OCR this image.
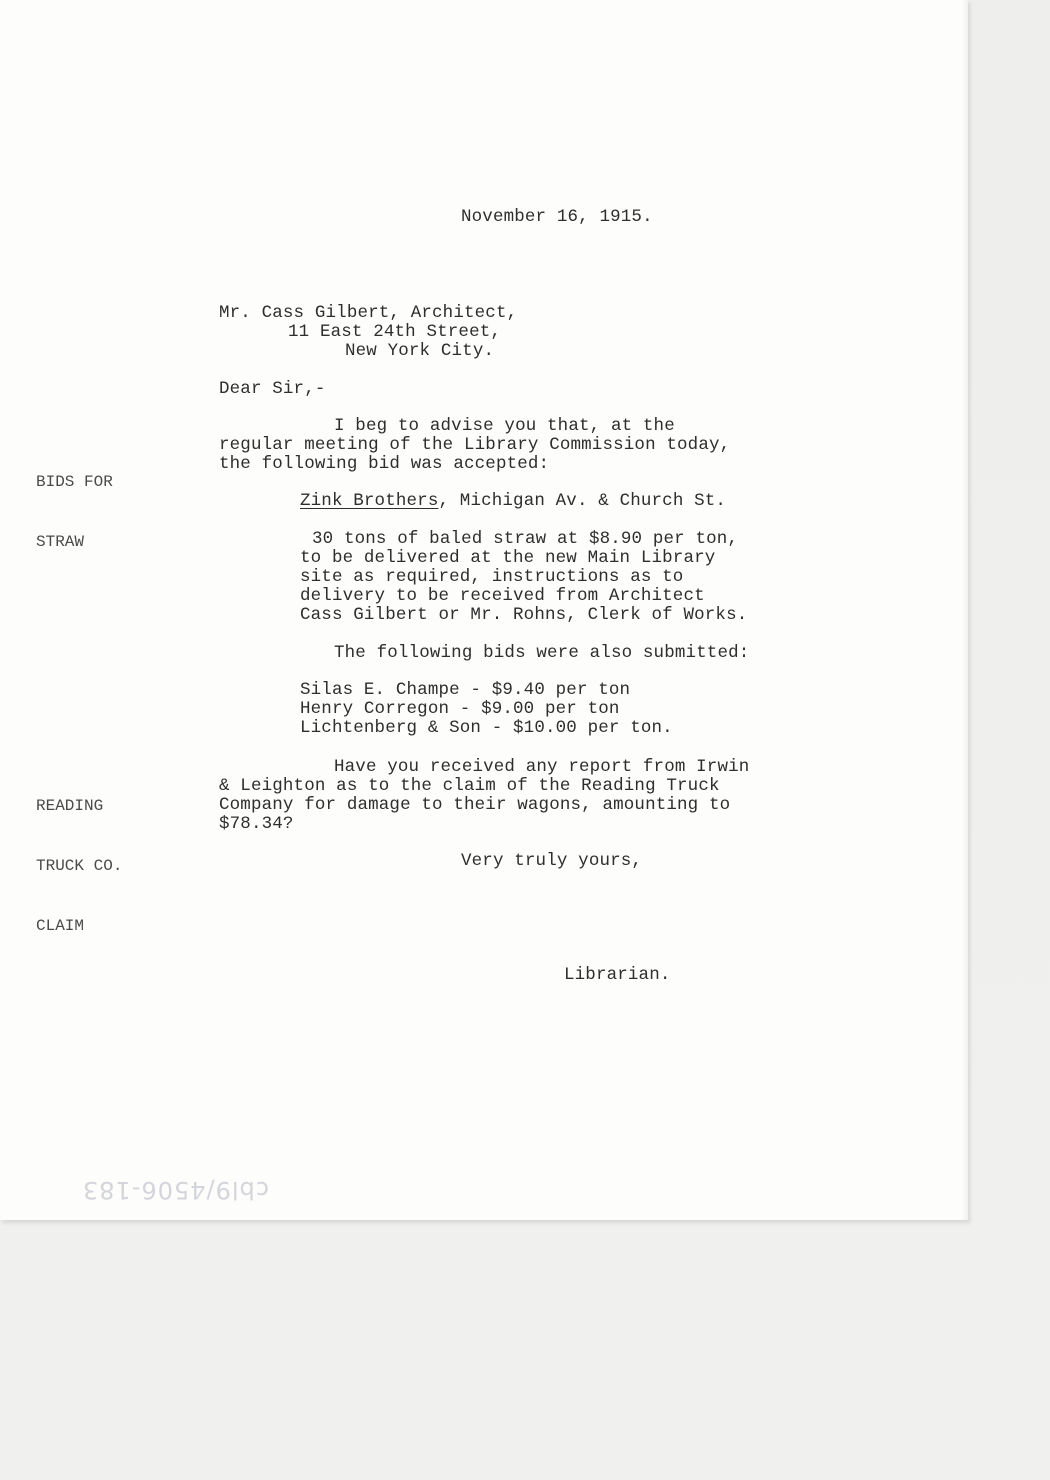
November 16, 1915.
Mr. Cass Gilbert, Architect,
11 East 24th Street,
New York City.
Dear Sir,-

BIDS FOR

STRAW

I beg to advise you that, at the
regular meeting of the Library Commission today,
the following bid was accepted:
Zink Brothers, Michigan Av. & Church St.
30 tons of baled straw at $8.90 per ton,
to be delivered at the new Main Library
site as required, instructions as to
delivery to be received from Architect
Cass Gilbert or Mr. Rohns, Clerk of Works.
The following bids were also submitted:
Silas E. Champe - $9.40 per ton
Henry Corregon - $9.00 per ton
Lichtenberg & Son - $10.00 per ton.

READING

TRUCK CO.

CLAIM

Have you received any report from Irwin
& Leighton as to the claim of the Reading Truck
Company for damage to their wagons, amounting to
$78.34?
Very truly yours,
Librarian.
cbl9/4506-183
